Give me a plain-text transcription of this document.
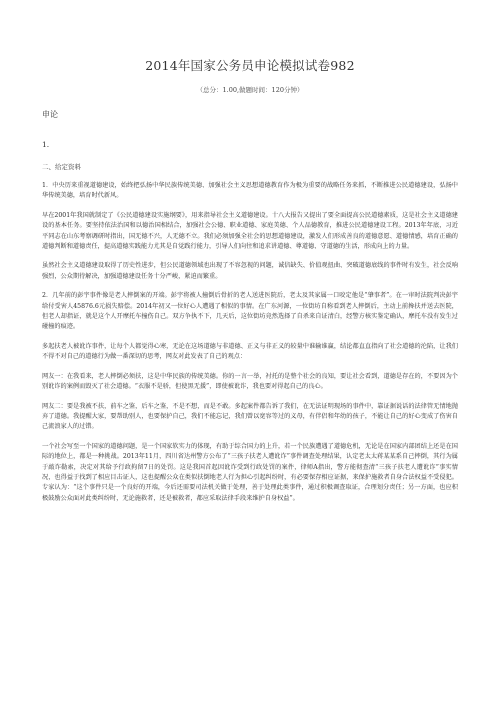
2014年国家公务员申论模拟试卷982
（总分：1.00,做题时间：120分钟）
申论
1.
二、给定资料
1．中央历来重视道德建设，始终把弘扬中华民族传统美德、加强社会主义思想道德教育作为极为重要的战略任务来抓，不断推进公民道德建设，弘扬中华传统美德，培育时代新风。
早在2001年我国就制定了《公民道德建设实施纲要》，用来指导社会主义道德建设。十八大报告又提出了要全面提高公民道德素质，这是社会主义道德建设的基本任务。要坚持依法治国和以德治国相结合，加强社会公德、职业道德、家庭美德、个人品德教育，推进公民道德建设工程。2013年年底，习近平同志在山东考察调研时指出，国无德不兴，人无德不立。我们必须加强全社会的思想道德建设，激发人们形成善良的道德意愿、道德情感，培育正确的道德判断和道德责任，提高道德实践能力尤其是自觉践行能力，引导人们向往和追求讲道德、尊道德、守道德的生活，形成向上的力量。
虽然社会主义道德建设取得了历史性进步，但公民道德领域也出现了不容忽视的问题，诚信缺失、价值观扭曲、突破道德底线的事件时有发生，社会反响强烈，公众期待解决，加强道德建设任务十分严峻，紧迫而繁重。
2．几年前的彭宇事件像是老人摔倒案的开端。彭宇将被人撞倒后骨折的老人送进医院后，老太及其家属一口咬定他是“肇事者”。在一审时法院判决彭宇给付受害人45876.6元损失赔偿。2014年初又一位好心人遭遇了相似的事情。在广东河源，一位街坊自称看到老人摔倒后，主动上前搀扶并送去医院，但老人却指证，就是这个人开摩托车撞伤自己。双方争执不下，几天后，这位街坊竟然选择了自杀来自证清白，经警方核实鉴定确认，摩托车没有发生过碰撞的痕迹。
多起扶老人被讹诈事件，让每个人都觉得心寒，无论在这场道德与非道德、正义与非正义的较量中谁输谁赢，结论都直直指向了社会道德的沦陷，让我们不得不对自己的道德行为做一番深切的思考，网友对此发表了自己的观点：
网友一：在我看来，老人摔倒必须扶，这是中华民族的传统美德。你的一言一举，衬托的是整个社会的良知，要让社会看到，道德是存在的，不要因为个别讹诈的案例而毁灭了社会道德。“衣服不是骄，但使黑无援”，即使被讹诈，我也要对得起自己的良心。
网友二：要是我被不扶，前车之鉴，后车之鉴，不是不想，而是不敢。多起案件都告诉了我们，在无法证明现场的事件中，靠证据说话的法律管无情地抛弃了道德。我提醒大家，要帮助别人，也要保护自己，我们不能忘记，我们曾以宽容等过的义母，有伴侣和年幼的孩子，不能让自己的好心变成了伤害自己流浪家人的过错。
一个社会写至一个国家的道德问题，是一个国家软实力的体现，有助于综合国力的上升，若一个民族遭遇了道德危机，无论是在国家内部团结上还是在国际的地位上，都是一种挑战。2013年11月，四川省达州警方公布了“三孩子扶老人遭讹诈”事件调查处理结果，认定老太太蒋某某系自己摔倒，其行为属于敲诈勒索，决定对其给予行政拘留7日的处罚。这是我国首起因讹诈受到行政处罚的案件，律师A指出，警方能彻查清“三孩子扶老人遭讹诈”事实情况，也得益于找到了相应目击证人，这也提醒公众在类似扶倒地老人行为担心引起纠纷时，有必要保存相应证据，来保护施救者自身合法权益不受侵犯。专家认为：“这个事件只是一个良好的开端，今后还需要司法机关做于处理，善于处理此类事件，通过积极调查取证，合理划分责任；另一方面，也应积极鼓励公众面对此类纠纷时，无论施救者，还是被救者，都应采取法律手段来维护自身权益”。
